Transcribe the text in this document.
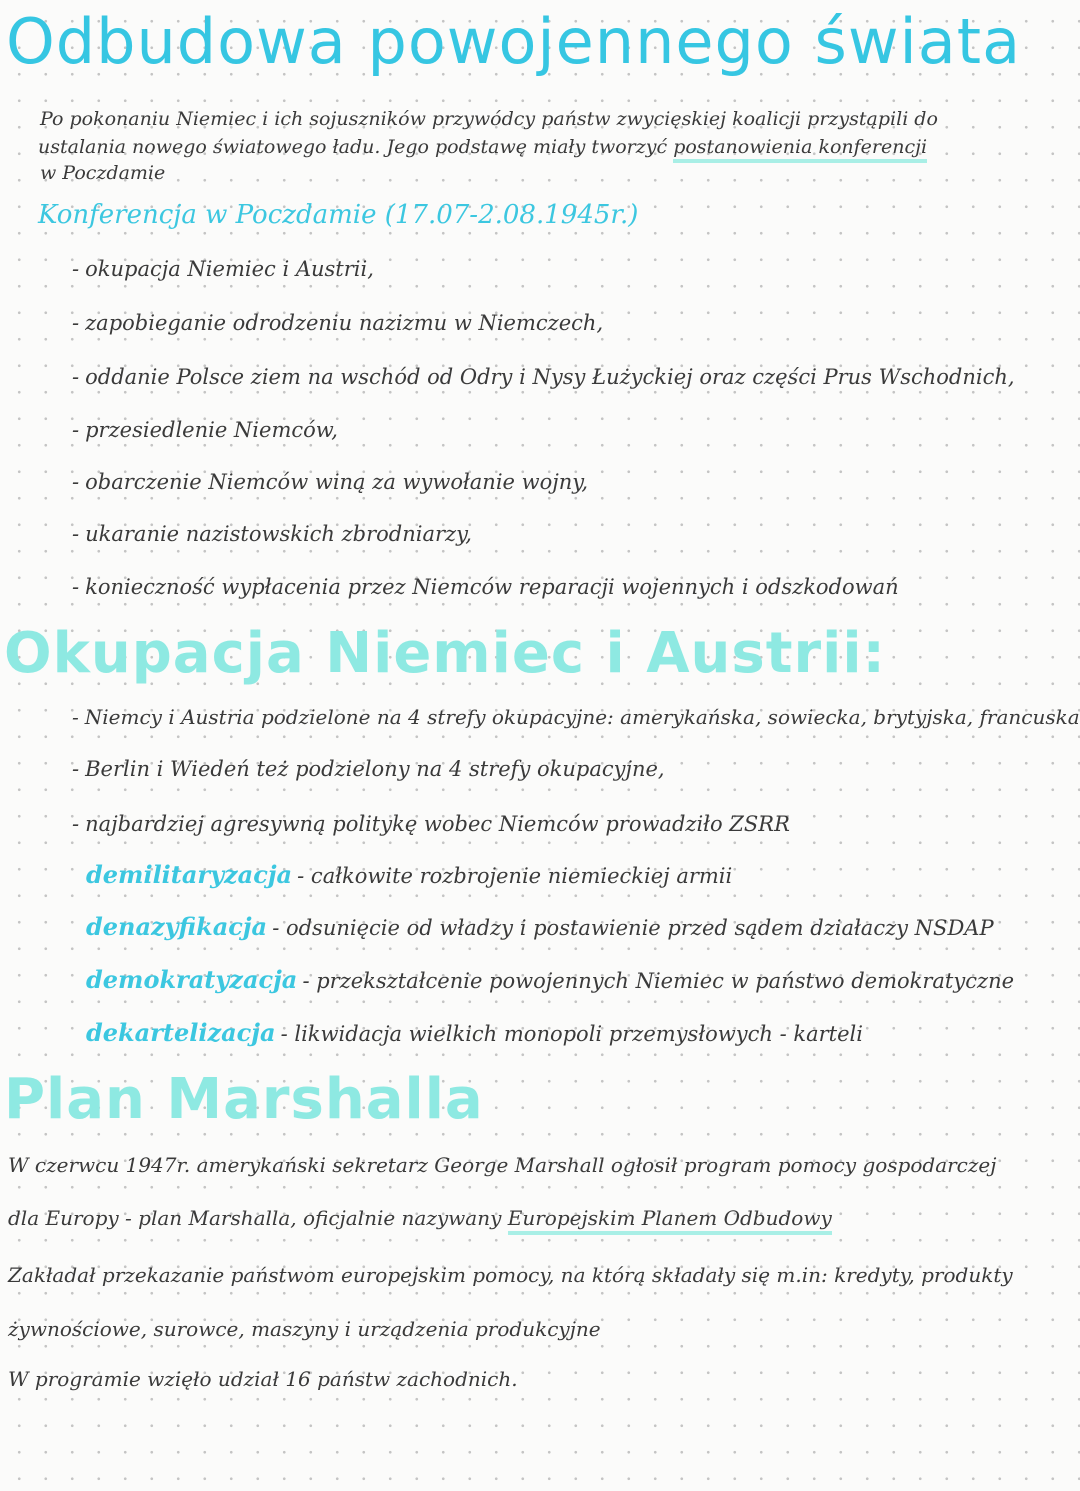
Odbudowa powojennego świata
Po pokonaniu Niemiec i ich sojuszników przywódcy państw zwycięskiej koalicji przystąpili do
ustalania nowego światowego ładu. Jego podstawę miały tworzyć postanowienia konferencji
w Poczdamie
Konferencja w Poczdamie (17.07-2.08.1945r.)
- okupacja Niemiec i Austrii,
- zapobieganie odrodzeniu nazizmu w Niemczech,
- oddanie Polsce ziem na wschód od Odry i Nysy Łużyckiej oraz części Prus Wschodnich,
- przesiedlenie Niemców,
- obarczenie Niemców winą za wywołanie wojny,
- ukaranie nazistowskich zbrodniarzy,
- konieczność wypłacenia przez Niemców reparacji wojennych i odszkodowań
Okupacja Niemiec i Austrii:
- Niemcy i Austria podzielone na 4 strefy okupacyjne: amerykańska, sowiecka, brytyjska, francuska
- Berlin i Wiedeń też podzielony na 4 strefy okupacyjne,
- najbardziej agresywną politykę wobec Niemców prowadziło ZSRR
demilitaryzacja - całkowite rozbrojenie niemieckiej armii
denazyfikacja - odsunięcie od władzy i postawienie przed sądem działaczy NSDAP
demokratyzacja - przekształcenie powojennych Niemiec w państwo demokratyczne
dekartelizacja - likwidacja wielkich monopoli przemysłowych - karteli
Plan Marshalla
W czerwcu 1947r. amerykański sekretarz George Marshall ogłosił program pomocy gospodarczej
dla Europy - plan Marshalla, oficjalnie nazywany Europejskim Planem Odbudowy
Zakładał przekazanie państwom europejskim pomocy, na którą składały się m.in: kredyty, produkty
żywnościowe, surowce, maszyny i urządzenia produkcyjne
W programie wzięło udział 16 państw zachodnich.
